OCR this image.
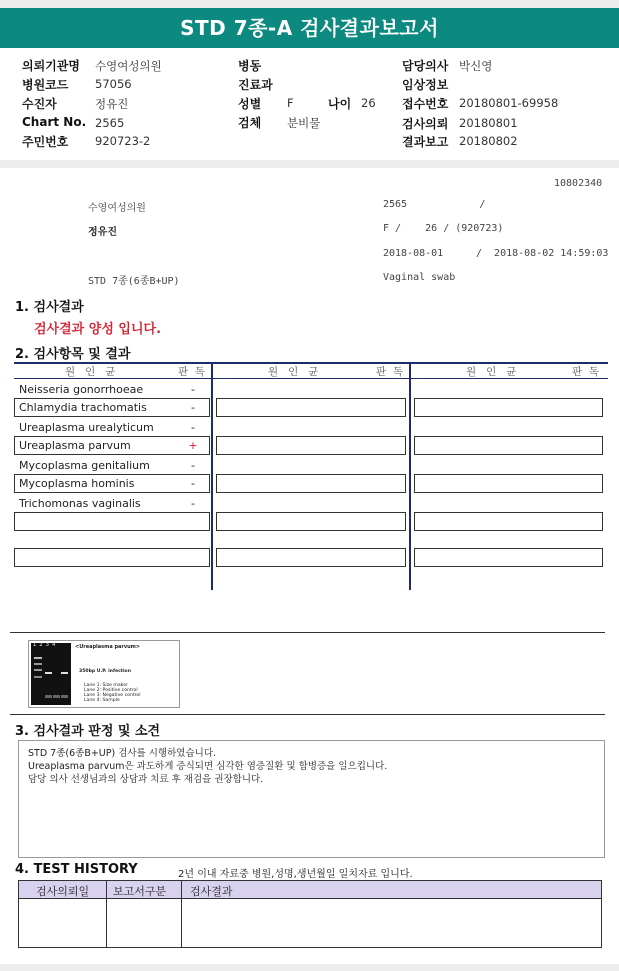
STD 7종-A 검사결과보고서
의뢰기관명 수영여성의원
병원코드 57056
수진자	정유진
Chart No. 2565
주민번호 920723-2
병동
진료과
성별 F	나이 26
검체 분비물
담당의사 박신영
임상정보
접수번호 20180801-69958
검사의뢰 20180801
결과보고 20180802
10802340
수영여성의원	2565            /
정유진	F /    26 / (920723)
2018-08-01	/  2018-08-02 14:59:03
STD 7종(6종B+UP)	Vaginal swab
1. 검사결과
검사결과 양성 입니다.
2. 검사항목 및 결과
원   인   균	판  독	원   인   균	판  독	원   인   균	판  독
Neisseria gonorrhoeae	-
Chlamydia trachomatis	-
Ureaplasma urealyticum	-
Ureaplasma parvum	+
Mycoplasma genitalium	-
Mycoplasma hominis	-
Trichomonas vaginalis	-
1  2  3  4	<Ureaplasma parvum>
350bp U.P. infection
Lane 1: Size maker
Lane 2: Positive control
Lane 3: Negative control
Lane 4: Sample
3. 검사결과 판정 및 소견
STD 7종(6종B+UP) 검사를 시행하였습니다.
Ureaplasma parvum은 과도하게 증식되면 심각한 염증질환 및 합병증을 일으킵니다.
담당 의사 선생님과의 상담과 치료 후 재검을 권장합니다.
4. TEST HISTORY	2년 이내 자료중 병원,성명,생년월일 일치자료 입니다.
검사의뢰일 보고서구분 검사결과
